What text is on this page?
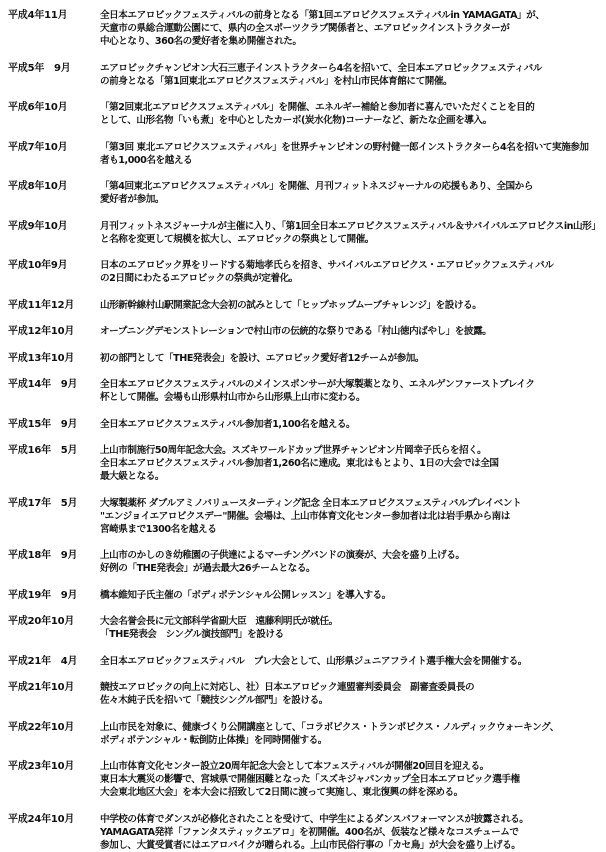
平成4年11月	全日本エアロビックフェスティバルの前身となる「第1回エアロビクスフェスティバルin YAMAGATA」が、
天童市の県総合運動公園にて、県内の全スポーツクラブ関係者と、エアロビックインストラクターが
中心となり、360名の愛好者を集め開催された。
平成5年　9月	エアロビックチャンピオン大石三恵子インストラクターら4名を招いて、全日本エアロビックフェスティバル
の前身となる「第1回東北エアロビクスフェスティバル」を村山市民体育館にて開催。
平成6年10月	「第2回東北エアロビクスフェスティバル」を開催、エネルギー補給と参加者に喜んでいただくことを目的
として、山形名物「いも煮」を中心としたカーボ(炭水化物)コーナーなど、新たな企画を導入。
平成7年10月	「第3回 東北エアロビクスフェスティバル」を世界チャンピオンの野村健一郎インストラクターら4名を招いて実施参加者も1,000名を越える
平成8年10月	「第4回東北エアロビクスフェスティバル」を開催、月刊フィットネスジャーナルの応援もあり、全国から
愛好者が参加。
平成9年10月	月刊フィットネスジャーナルが主催に入り、「第1回全日本エアロビクスフェスティバル＆サバイバルエアロビクスin山形」と名称を変更して規模を拡大し、エアロビックの祭典として開催。
平成10年9月	日本のエアロビック界をリードする菊地孝氏らを招き、サバイバルエアロビクス・エアロビックフェスティバル
の2日間にわたるエアロビックの祭典が定着化。
平成11年12月	山形新幹線村山駅開業記念大会初の試みとして「ヒップホップムーブチャレンジ」を設ける。
平成12年10月	オープニングデモンストレーションで村山市の伝統的な祭りである「村山徳内ばやし」を披露。
平成13年10月	初の部門として「THE発表会」を設け、エアロビック愛好者12チームが参加。
平成14年　9月	全日本エアロビクスフェスティバルのメインスポンサーが大塚製薬となり、エネルゲンファーストブレイク
杯として開催。会場も山形県村山市から山形県上山市に変わる。
平成15年　9月	全日本エアロビクスフェスティバル参加者1,100名を越える。
平成16年　5月	上山市制施行50周年記念大会。スズキワールドカップ世界チャンピオン片岡幸子氏らを招く。
全日本エアロビクスフェスティバル参加者1,260名に達成。東北はもとより、1日の大会では全国
最大級となる。
平成17年　5月	大塚製薬杯 ダブルアミノバリュースターティング記念 全日本エアロビクスフェスティバルプレイベント
"エンジョイエアロビクスデー"開催。会場は、上山市体育文化センター参加者は北は岩手県から南は
宮崎県まで1300名を越える
平成18年　9月	上山市のかしのき幼稚園の子供達によるマーチングバンドの演奏が、大会を盛り上げる。
好例の「THE発表会」が過去最大26チームとなる。
平成19年　9月	橋本維知子氏主催の「ボディポテンシャル公開レッスン」を導入する。
平成20年10月	大会名誉会長に元文部科学省副大臣　遠藤利明氏が就任。
「THE発表会　シングル演技部門」を設ける
平成21年　4月	全日本エアロビックフェスティバル　プレ大会として、山形県ジュニアフライト選手権大会を開催する。
平成21年10月	競技エアロビックの向上に対応し、社）日本エアロビック連盟審判委員会　副審査委員長の
佐々木純子氏を招いて「競技シングル部門」を設ける。
平成22年10月	上山市民を対象に、健康づくり公開講座として、「コラボピクス・トランポピクス・ノルディックウォーキング、
ボディポテンシャル・転倒防止体操」を同時開催する。
平成23年10月	上山市体育文化センター設立20周年記念大会として本フェスティバルが開催20回目を迎える。
東日本大震災の影響で、宮城県で開催困難となった「スズキジャパンカップ全日本エアロビック選手権
大会東北地区大会」を本大会に招致して2日間に渡って実施し、東北復興の絆を深める。
平成24年10月	中学校の体育でダンスが必修化されたことを受けて、中学生によるダンスパフォーマンスが披露される。
YAMAGATA発祥「ファンタスティックエアロ」を初開催。400名が、仮装など様々なコスチュームで
参加し、大賞受賞者にはエアロバイクが贈られる。上山市民俗行事の「カセ鳥」が大会を盛り上げる。
